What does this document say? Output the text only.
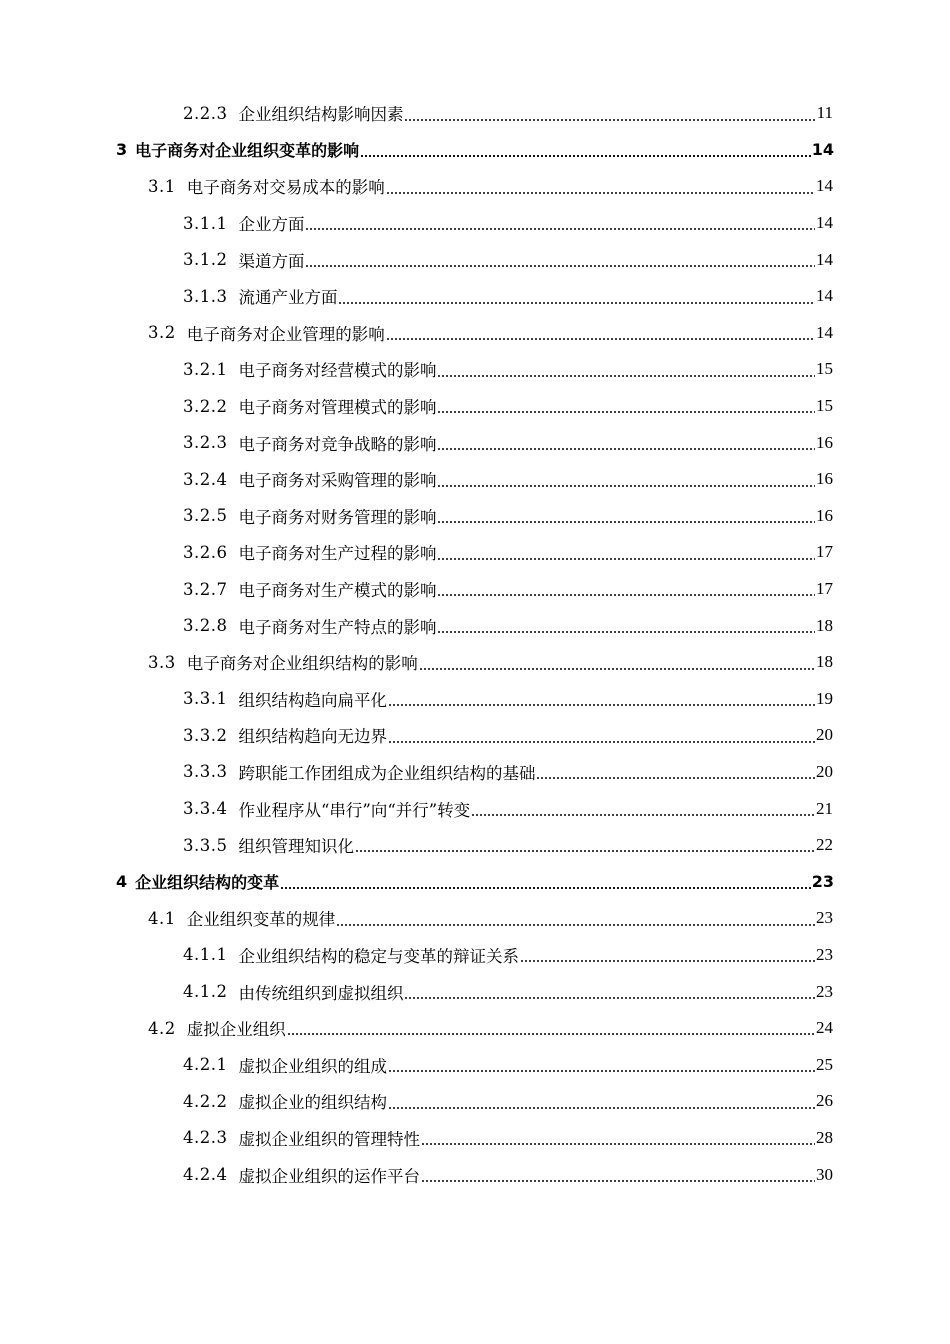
2.2.3 企业组织结构影响因素	11
3 电子商务对企业组织变革的影响	14
3.1 电子商务对交易成本的影响	14
3.1.1 企业方面	14
3.1.2 渠道方面	14
3.1.3 流通产业方面	14
3.2 电子商务对企业管理的影响	14
3.2.1 电子商务对经营模式的影响	15
3.2.2 电子商务对管理模式的影响	15
3.2.3 电子商务对竞争战略的影响	16
3.2.4 电子商务对采购管理的影响	16
3.2.5 电子商务对财务管理的影响	16
3.2.6 电子商务对生产过程的影响	17
3.2.7 电子商务对生产模式的影响	17
3.2.8 电子商务对生产特点的影响	18
3.3 电子商务对企业组织结构的影响	18
3.3.1 组织结构趋向扁平化	19
3.3.2 组织结构趋向无边界	20
3.3.3 跨职能工作团组成为企业组织结构的基础	20
3.3.4 作业程序从“串行”向“并行”转变	21
3.3.5 组织管理知识化	22
4 企业组织结构的变革	23
4.1 企业组织变革的规律	23
4.1.1 企业组织结构的稳定与变革的辩证关系	23
4.1.2 由传统组织到虚拟组织	23
4.2 虚拟企业组织	24
4.2.1 虚拟企业组织的组成	25
4.2.2 虚拟企业的组织结构	26
4.2.3 虚拟企业组织的管理特性	28
4.2.4 虚拟企业组织的运作平台	30
